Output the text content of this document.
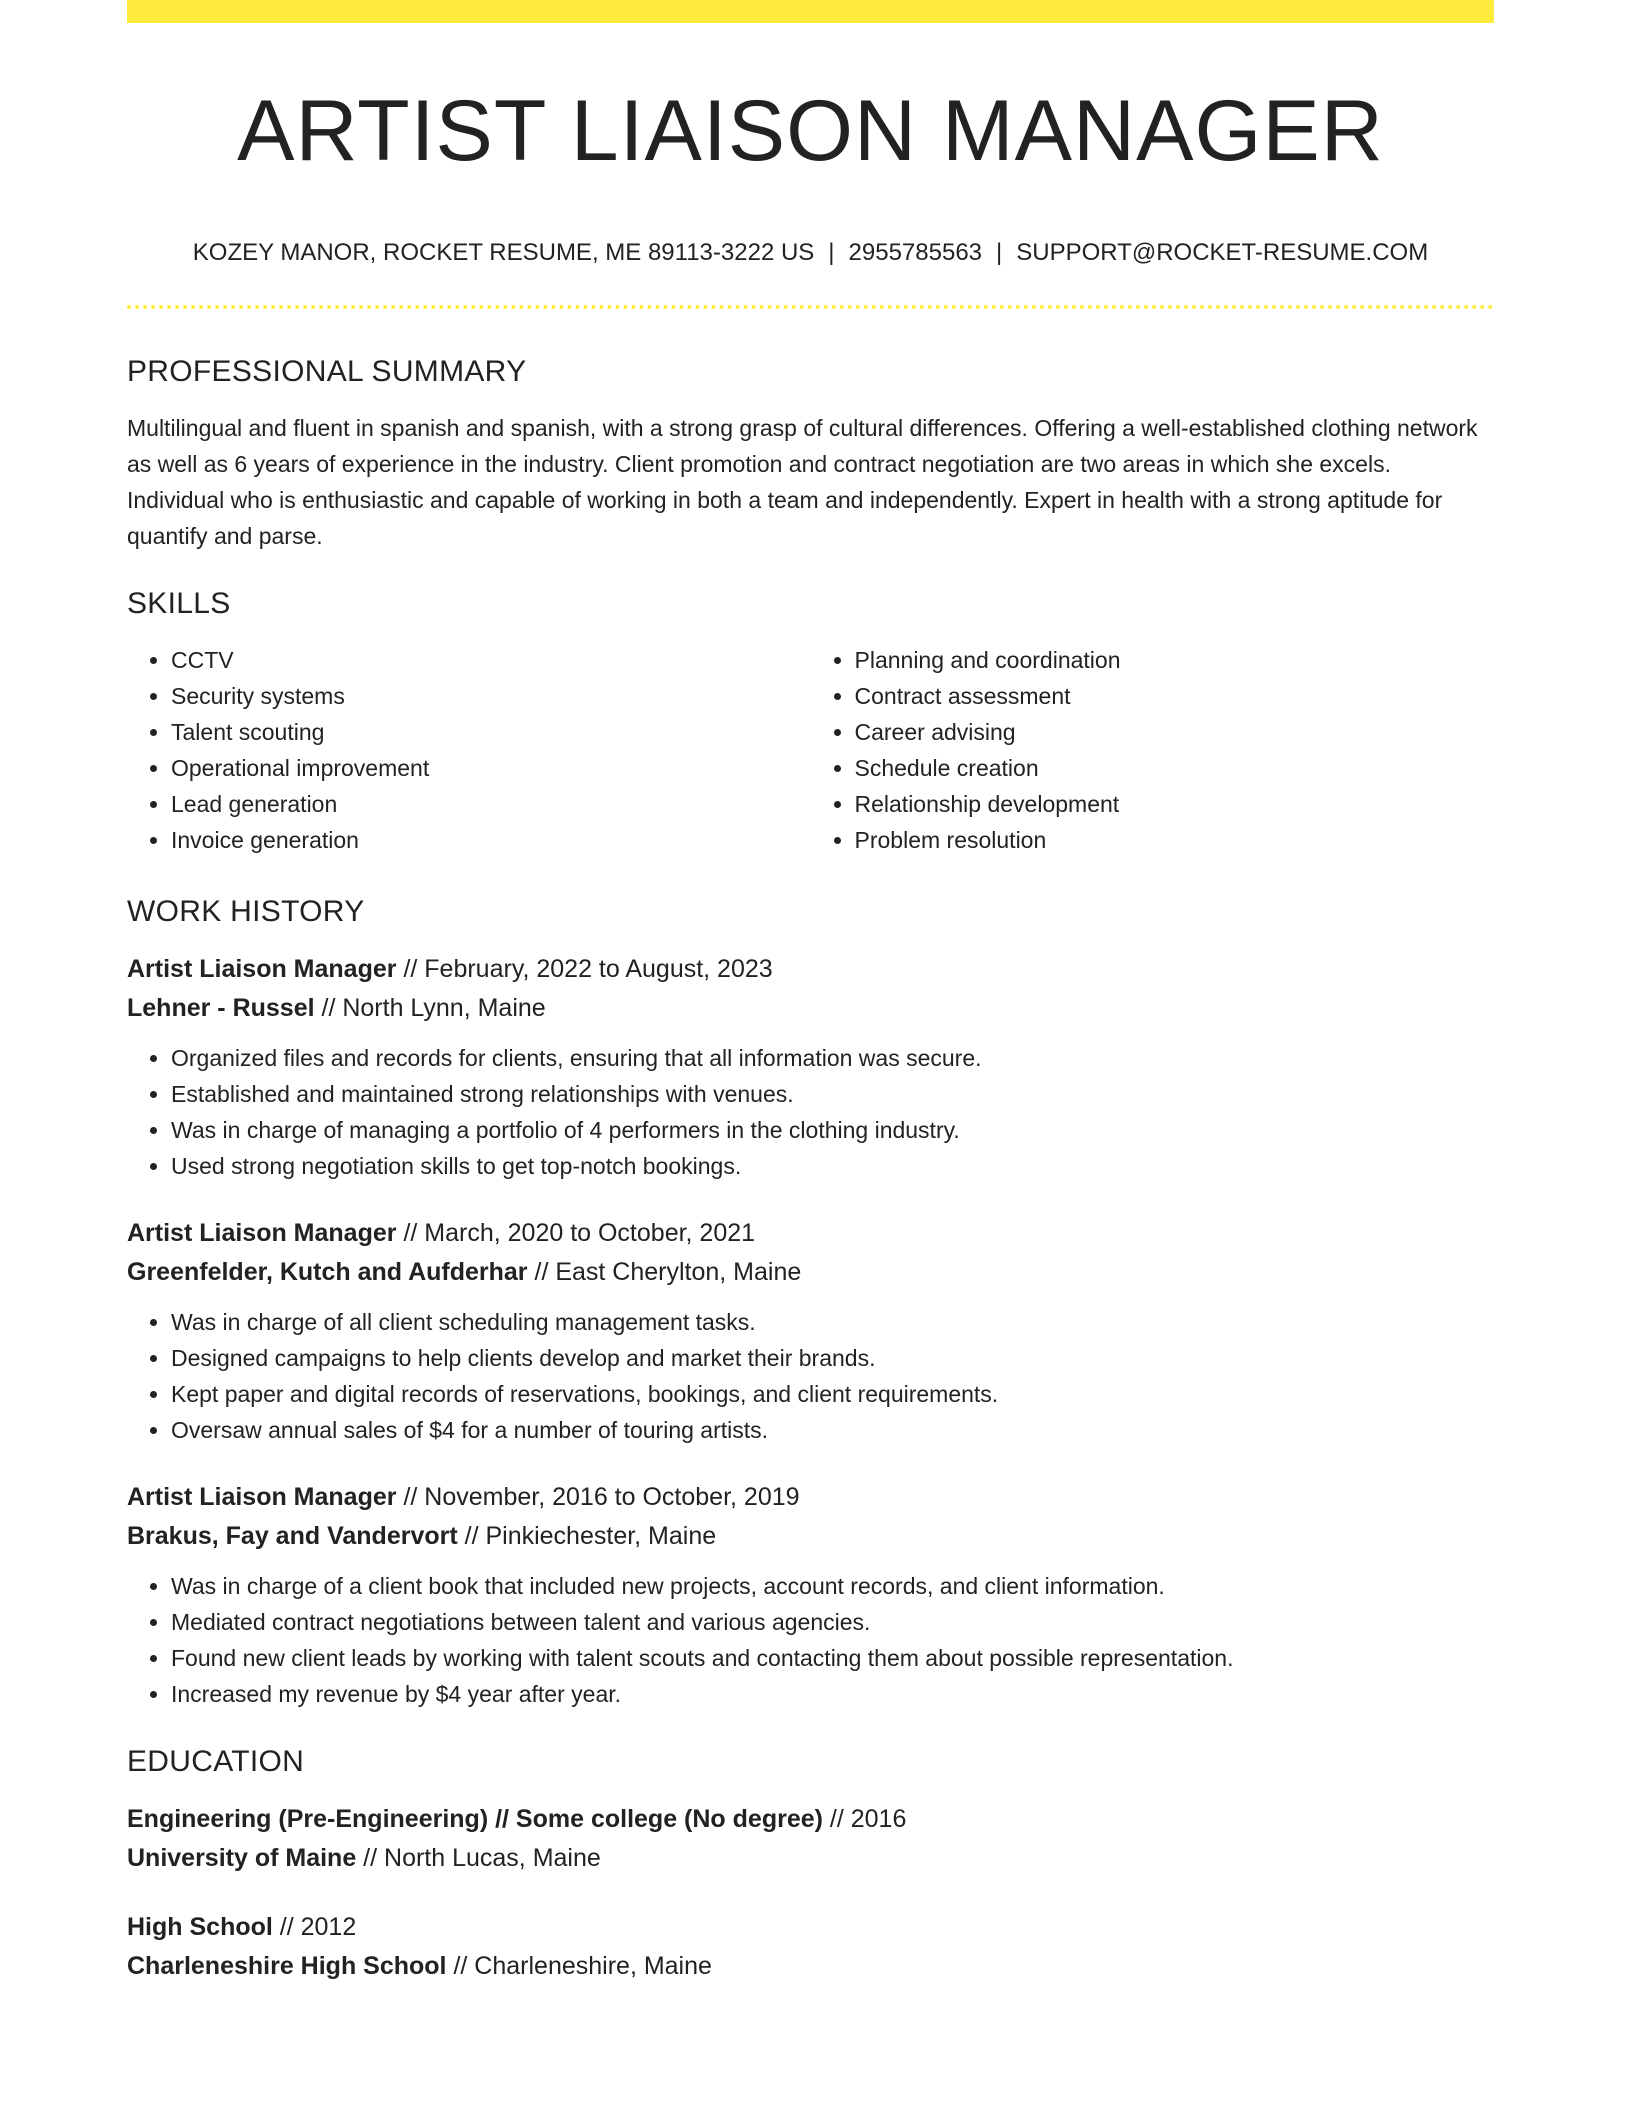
ARTIST LIAISON MANAGER
KOZEY MANOR, ROCKET RESUME, ME 89113-3222 US | 2955785563 | SUPPORT@ROCKET-RESUME.COM
PROFESSIONAL SUMMARY

Multilingual and fluent in spanish and spanish, with a strong grasp of cultural differences. Offering a well-established clothing network as well as 6 years of experience in the industry. Client promotion and contract negotiation are two areas in which she excels. Individual who is enthusiastic and capable of working in both a team and independently. Expert in health with a strong aptitude for quantify and parse.

SKILLS
• CCTV
• Security systems
• Talent scouting
• Operational improvement
• Lead generation
• Invoice generation
• Planning and coordination
• Contract assessment
• Career advising
• Schedule creation
• Relationship development
• Problem resolution
WORK HISTORY
Artist Liaison Manager // February, 2022 to August, 2023
Lehner - Russel // North Lynn, Maine
• Organized files and records for clients, ensuring that all information was secure.
• Established and maintained strong relationships with venues.
• Was in charge of managing a portfolio of 4 performers in the clothing industry.
• Used strong negotiation skills to get top-notch bookings.
Artist Liaison Manager // March, 2020 to October, 2021
Greenfelder, Kutch and Aufderhar // East Cherylton, Maine
• Was in charge of all client scheduling management tasks.
• Designed campaigns to help clients develop and market their brands.
• Kept paper and digital records of reservations, bookings, and client requirements.
• Oversaw annual sales of $4 for a number of touring artists.
Artist Liaison Manager // November, 2016 to October, 2019
Brakus, Fay and Vandervort // Pinkiechester, Maine
• Was in charge of a client book that included new projects, account records, and client information.
• Mediated contract negotiations between talent and various agencies.
• Found new client leads by working with talent scouts and contacting them about possible representation.
• Increased my revenue by $4 year after year.
EDUCATION
Engineering (Pre-Engineering) // Some college (No degree) // 2016
University of Maine // North Lucas, Maine
High School // 2012
Charleneshire High School // Charleneshire, Maine
